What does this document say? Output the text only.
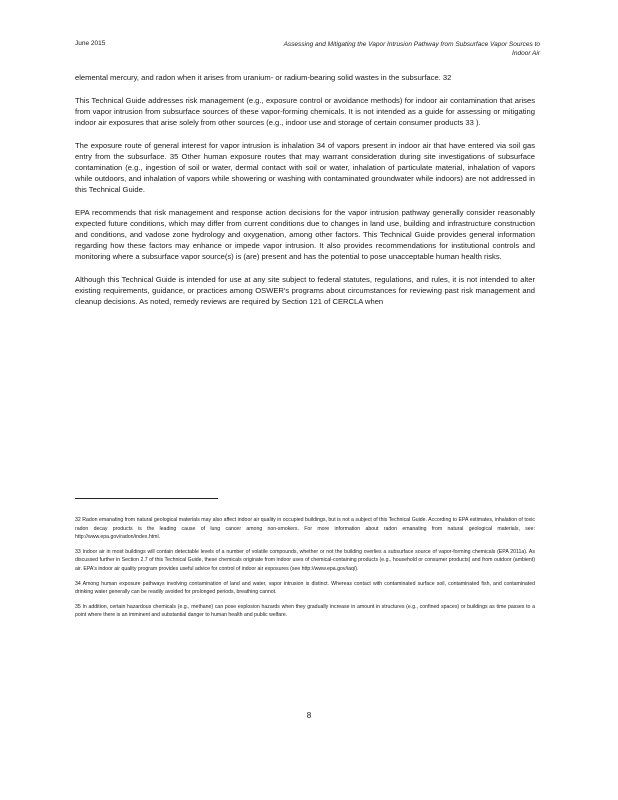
June 2015	Assessing and Mitigating the Vapor Intrusion Pathway from Subsurface Vapor Sources to Indoor Air

elemental mercury, and radon when it arises from uranium- or radium-bearing solid wastes in the subsurface. 32

This Technical Guide addresses risk management (e.g., exposure control or avoidance methods) for indoor air contamination that arises from vapor intrusion from subsurface sources of these vapor-forming chemicals. It is not intended as a guide for assessing or mitigating indoor air exposures that arise solely from other sources (e.g., indoor use and storage of certain consumer products 33 ).

The exposure route of general interest for vapor intrusion is inhalation 34 of vapors present in indoor air that have entered via soil gas entry from the subsurface. 35 Other human exposure routes that may warrant consideration during site investigations of subsurface contamination (e.g., ingestion of soil or water, dermal contact with soil or water, inhalation of particulate material, inhalation of vapors while outdoors, and inhalation of vapors while showering or washing with contaminated groundwater while indoors) are not addressed in this Technical Guide.

EPA recommends that risk management and response action decisions for the vapor intrusion pathway generally consider reasonably expected future conditions, which may differ from current conditions due to changes in land use, building and infrastructure construction and conditions, and vadose zone hydrology and oxygenation, among other factors. This Technical Guide provides general information regarding how these factors may enhance or impede vapor intrusion. It also provides recommendations for institutional controls and monitoring where a subsurface vapor source(s) is (are) present and has the potential to pose unacceptable human health risks.

Although this Technical Guide is intended for use at any site subject to federal statutes, regulations, and rules, it is not intended to alter existing requirements, guidance, or practices among OSWER's programs about circumstances for reviewing past risk management and cleanup decisions. As noted, remedy reviews are required by Section 121 of CERCLA when

32 Radon emanating from natural geological materials may also affect indoor air quality in occupied buildings, but is not a subject of this Technical Guide. According to EPA estimates, inhalation of toxic radon decay products is the leading cause of lung cancer among non-smokers. For more information about radon emanating from natural geological materials, see: http://www.epa.gov/radon/index.html.

33 Indoor air in most buildings will contain detectable levels of a number of volatile compounds, whether or not the building overlies a subsurface source of vapor-forming chemicals (EPA 2011a). As discussed further in Section 2.7 of this Technical Guide, these chemicals originate from indoor uses of chemical-containing products (e.g., household or consumer products) and from outdoor (ambient) air. EPA's indoor air quality program provides useful advice for control of indoor air exposures (see http://www.epa.gov/iaq/).

34 Among human exposure pathways involving contamination of land and water, vapor intrusion is distinct. Whereas contact with contaminated surface soil, contaminated fish, and contaminated drinking water generally can be readily avoided for prolonged periods, breathing cannot.

35 In addition, certain hazardous chemicals (e.g., methane) can pose explosion hazards when they gradually increase in amount in structures (e.g., confined spaces) or buildings as time passes to a point where there is an imminent and substantial danger to human health and public welfare.

8
